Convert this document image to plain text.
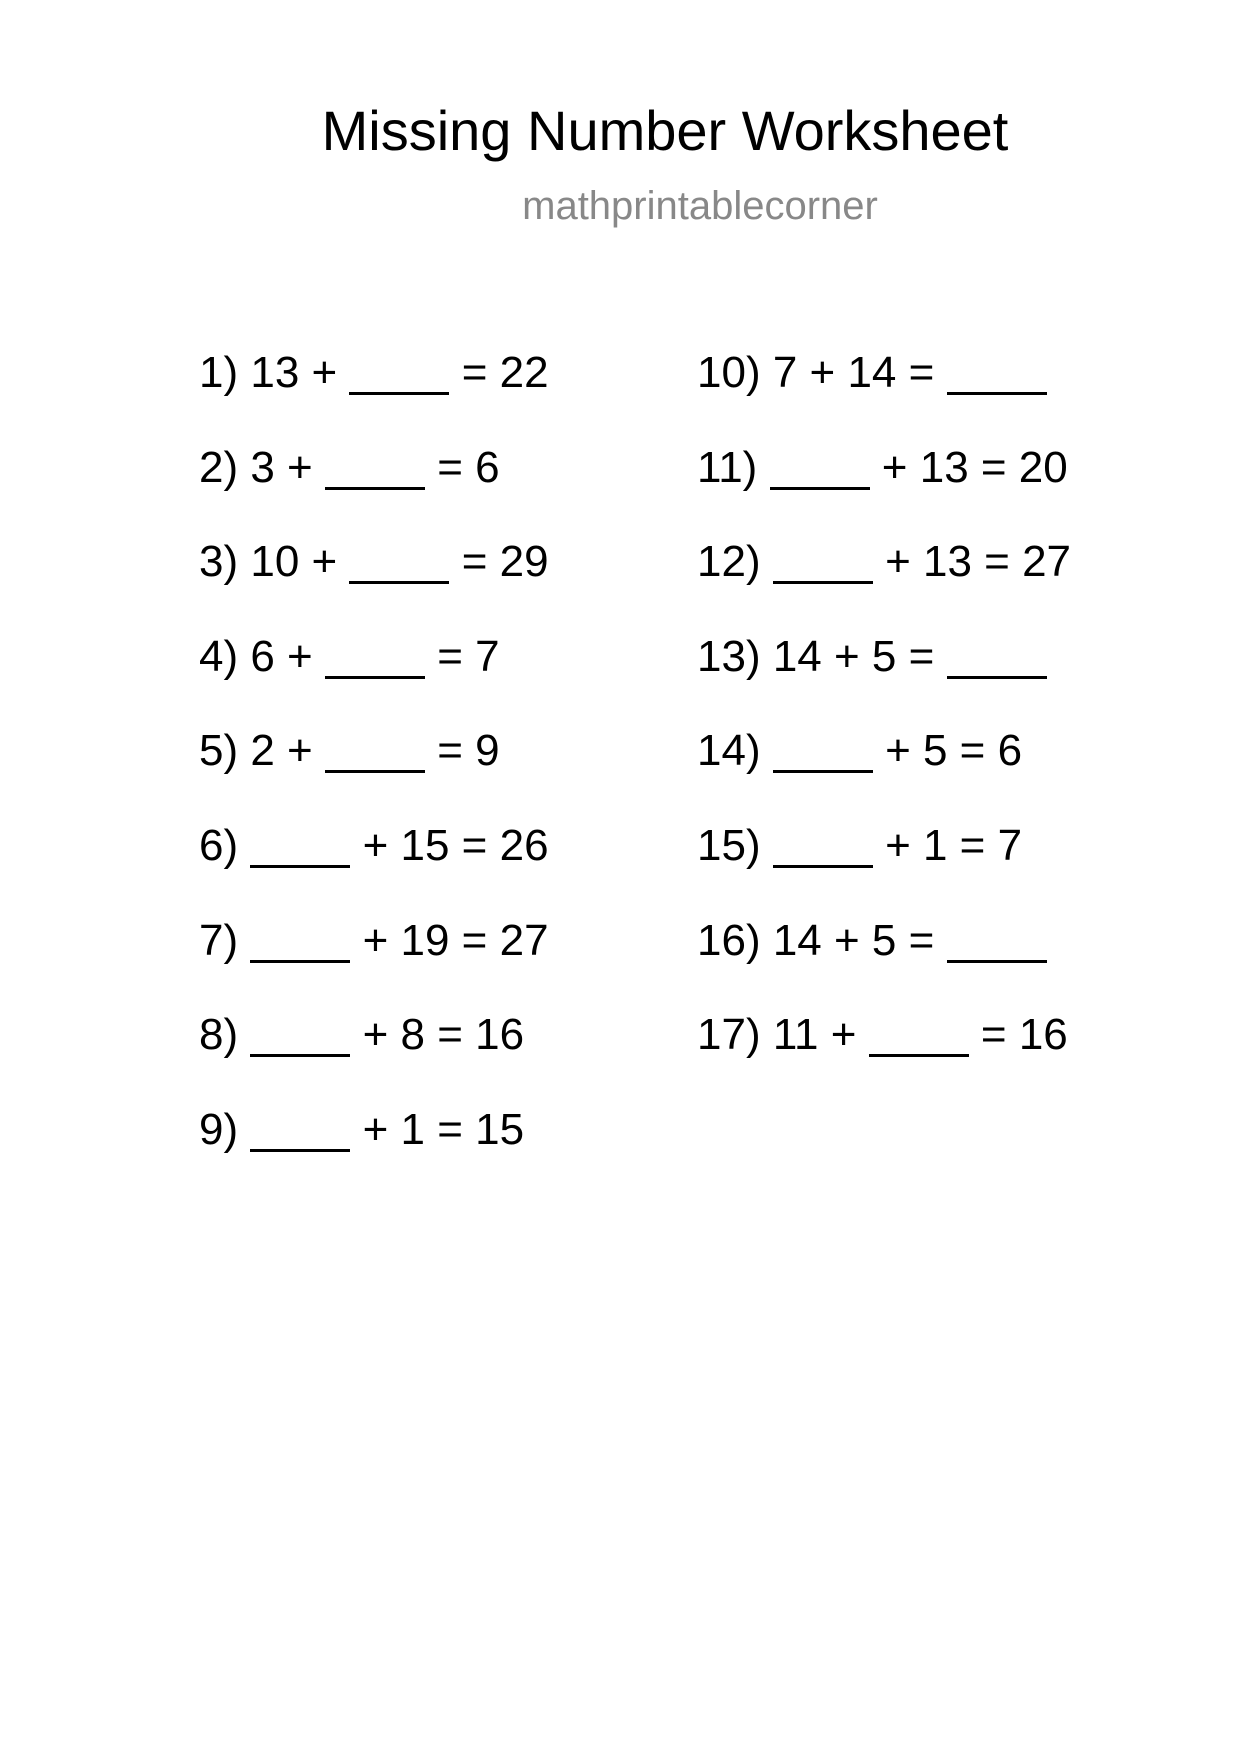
Missing Number Worksheet
mathprintablecorner
1) 13 +	= 22
2) 3 +	= 6
3) 10 +	= 29
4) 6 +	= 7
5) 2 +	= 9
6)	+ 15 = 26
7)	+ 19 = 27
8)	+ 8 = 16
9)	+ 1 = 15
10) 7 + 14 =
11)	+ 13 = 20
12)	+ 13 = 27
13) 14 + 5 =
14)	+ 5 = 6
15)	+ 1 = 7
16) 14 + 5 =
17) 11 +	= 16
